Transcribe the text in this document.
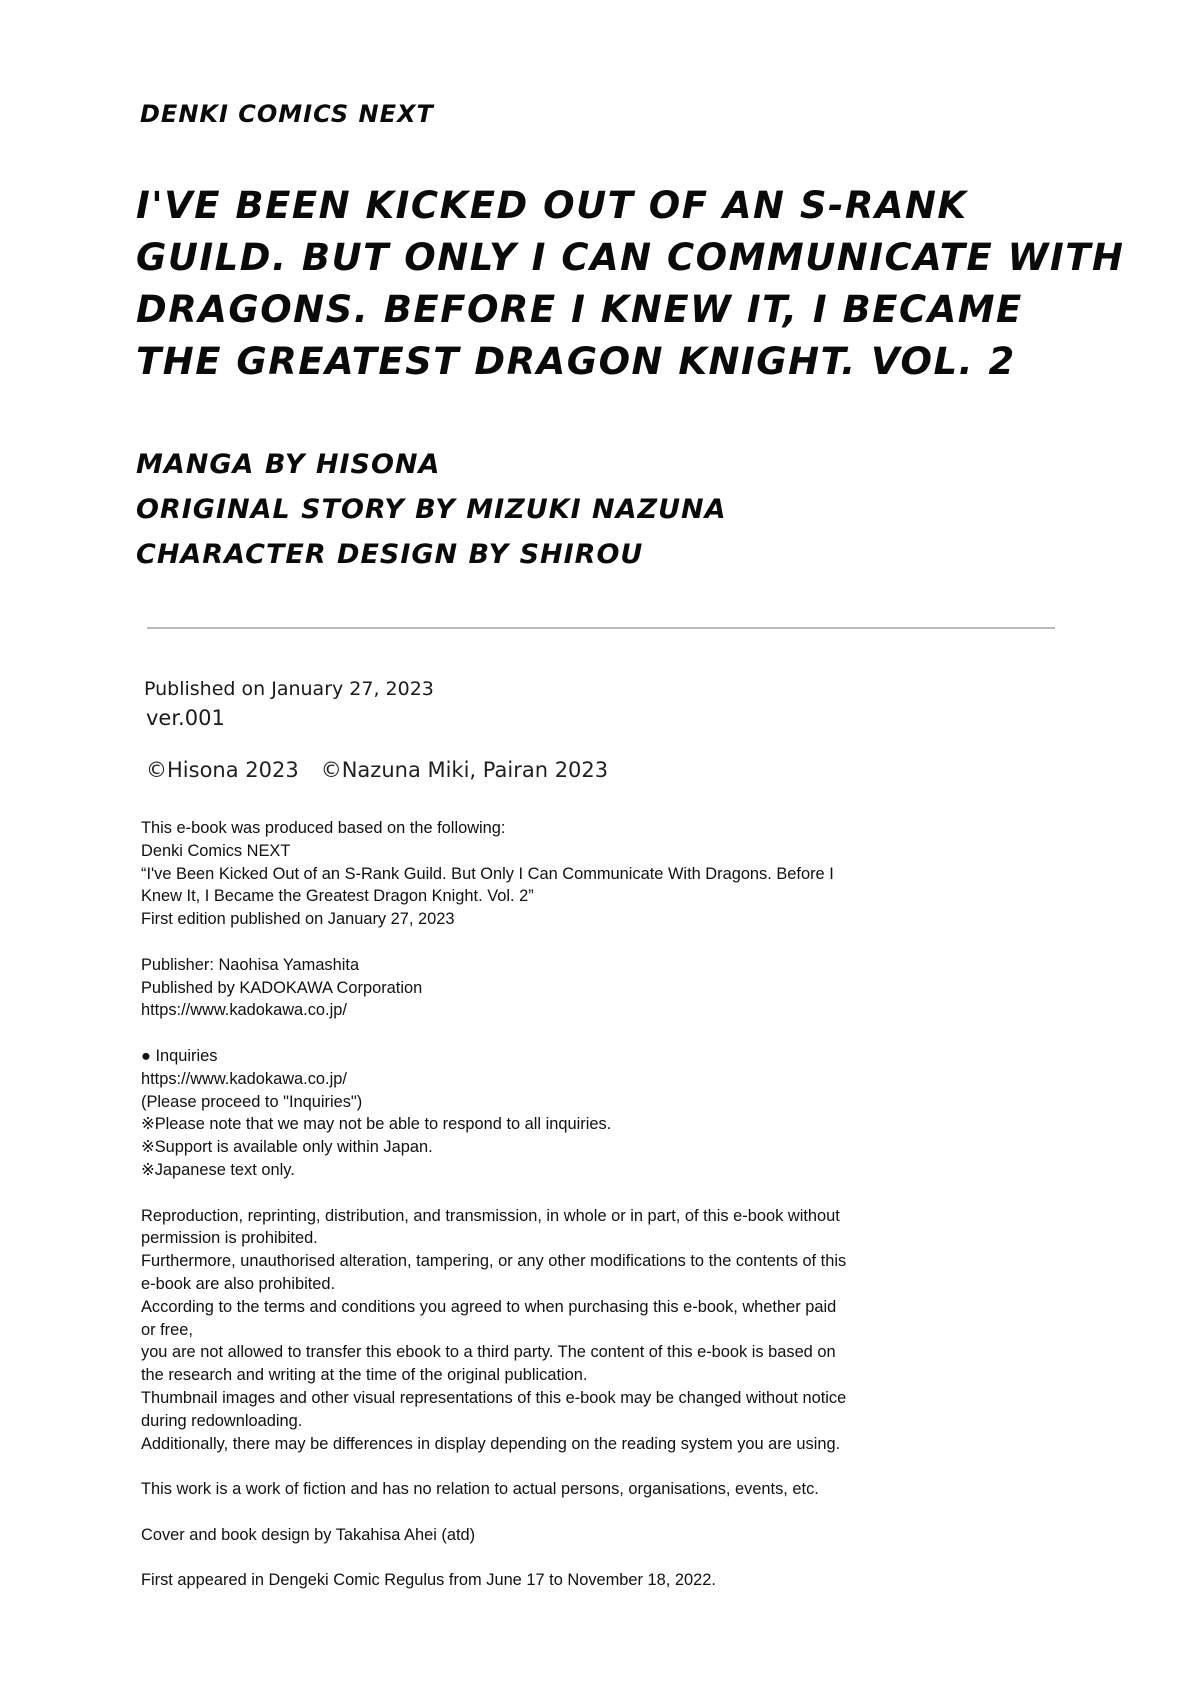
DENKI COMICS NEXT
I'VE BEEN KICKED OUT OF AN S-RANK
GUILD. BUT ONLY I CAN COMMUNICATE WITH
DRAGONS. BEFORE I KNEW IT, I BECAME
THE GREATEST DRAGON KNIGHT. VOL. 2
MANGA BY HISONA
ORIGINAL STORY BY MIZUKI NAZUNA
CHARACTER DESIGN BY SHIROU
Published on January 27, 2023
ver.001
©Hisona 2023 ©Nazuna Miki, Pairan 2023
This e-book was produced based on the following:
Denki Comics NEXT
“I've Been Kicked Out of an S-Rank Guild. But Only I Can Communicate With Dragons. Before I
Knew It, I Became the Greatest Dragon Knight. Vol. 2”
First edition published on January 27, 2023
Publisher: Naohisa Yamashita
Published by KADOKAWA Corporation
https://www.kadokawa.co.jp/
● Inquiries
https://www.kadokawa.co.jp/
(Please proceed to "Inquiries")
※Please note that we may not be able to respond to all inquiries.
※Support is available only within Japan.
※Japanese text only.
Reproduction, reprinting, distribution, and transmission, in whole or in part, of this e-book without
permission is prohibited.
Furthermore, unauthorised alteration, tampering, or any other modifications to the contents of this
e-book are also prohibited.
According to the terms and conditions you agreed to when purchasing this e-book, whether paid
or free,
you are not allowed to transfer this ebook to a third party. The content of this e-book is based on
the research and writing at the time of the original publication.
Thumbnail images and other visual representations of this e-book may be changed without notice
during redownloading.
Additionally, there may be differences in display depending on the reading system you are using.
This work is a work of fiction and has no relation to actual persons, organisations, events, etc.
Cover and book design by Takahisa Ahei (atd)
First appeared in Dengeki Comic Regulus from June 17 to November 18, 2022.
